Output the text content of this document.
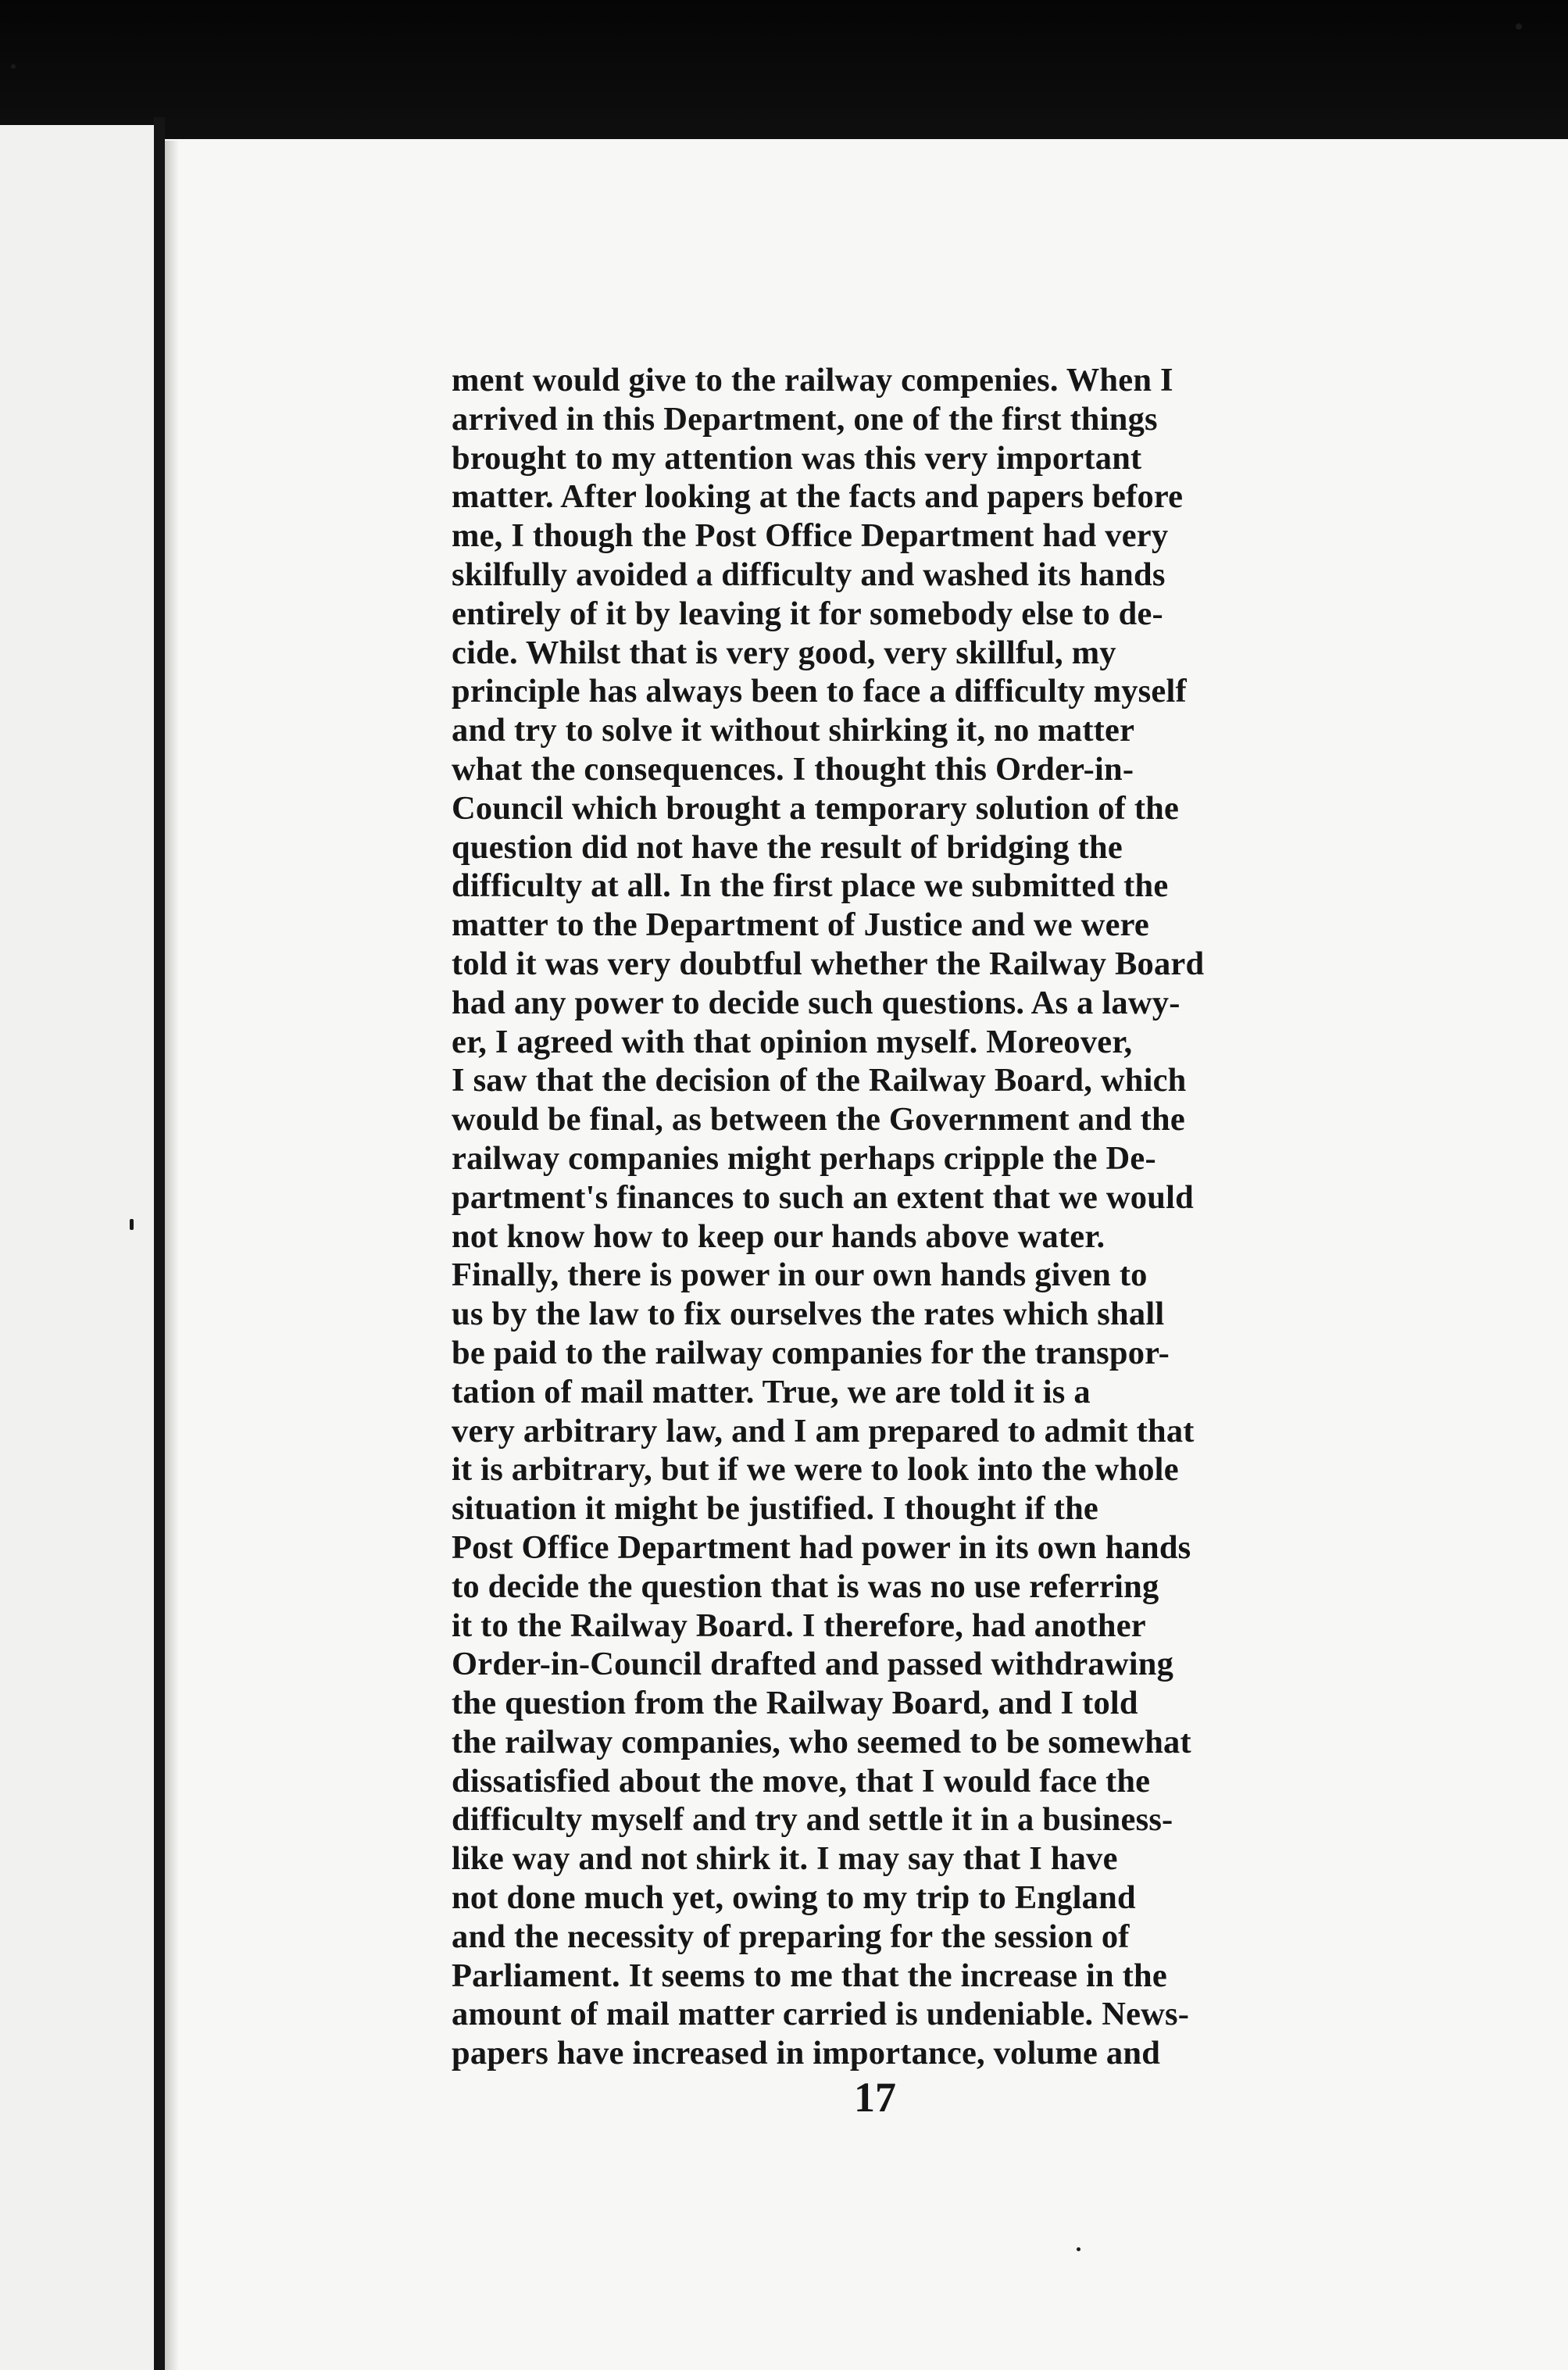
ment would give to the railway compenies. When I
arrived in this Department, one of the first things
brought to my attention was this very important
matter. After looking at the facts and papers before
me, I though the Post Office Department had very
skilfully avoided a difficulty and washed its hands
entirely of it by leaving it for somebody else to de-
cide. Whilst that is very good, very skillful, my
principle has always been to face a difficulty myself
and try to solve it without shirking it, no matter
what the consequences. I thought this Order-in-
Council which brought a temporary solution of the
question did not have the result of bridging the
difficulty at all. In the first place we submitted the
matter to the Department of Justice and we were
told it was very doubtful whether the Railway Board
had any power to decide such questions. As a lawy-
er, I agreed with that opinion myself. Moreover,
I saw that the decision of the Railway Board, which
would be final, as between the Government and the
railway companies might perhaps cripple the De-
partment's finances to such an extent that we would
not know how to keep our hands above water.
Finally, there is power in our own hands given to
us by the law to fix ourselves the rates which shall
be paid to the railway companies for the transpor-
tation of mail matter. True, we are told it is a
very arbitrary law, and I am prepared to admit that
it is arbitrary, but if we were to look into the whole
situation it might be justified. I thought if the
Post Office Department had power in its own hands
to decide the question that is was no use referring
it to the Railway Board. I therefore, had another
Order-in-Council drafted and passed withdrawing
the question from the Railway Board, and I told
the railway companies, who seemed to be somewhat
dissatisfied about the move, that I would face the
difficulty myself and try and settle it in a business-
like way and not shirk it. I may say that I have
not done much yet, owing to my trip to England
and the necessity of preparing for the session of
Parliament. It seems to me that the increase in the
amount of mail matter carried is undeniable. News-
papers have increased in importance, volume and

17
